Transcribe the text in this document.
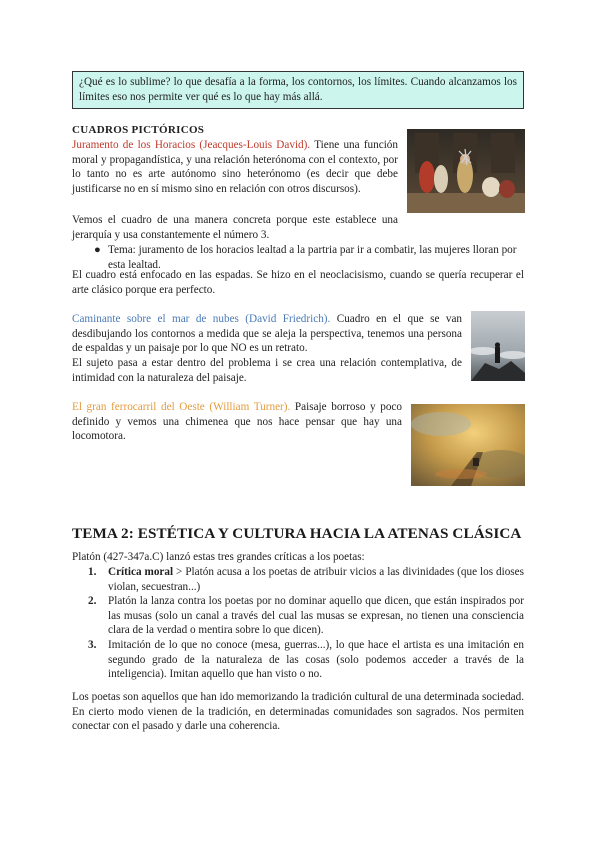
¿Qué es lo sublime? lo que desafía a la forma, los contornos, los límites. Cuando alcanzamos los límites eso nos permite ver qué es lo que hay más allá.
CUADROS PICTÓRICOS
Juramento de los Horacios (Jeacques-Louis David). Tiene una función moral y propagandística, y una relación heterónoma con el contexto, por lo tanto no es arte autónomo sino heterónomo (es decir que debe justificarse no en sí mismo sino en relación con otros discursos).
Vemos el cuadro de una manera concreta porque este establece una jerarquía y usa constantemente el número 3.
● Tema: juramento de los horacios lealtad a la partria par ir a combatir, las mujeres lloran por esta lealtad.
El cuadro está enfocado en las espadas. Se hizo en el neoclacisismo, cuando se quería recuperar el arte clásico porque era perfecto.
Caminante sobre el mar de nubes (David Friedrich). Cuadro en el que se van desdibujando los contornos a medida que se aleja la perspectiva, tenemos una persona de espaldas y un paisaje por lo que NO es un retrato.
El sujeto pasa a estar dentro del problema i se crea una relación contemplativa, de intimidad con la naturaleza del paisaje.
El gran ferrocarril del Oeste (William Turner). Paisaje borroso y poco definido y vemos una chimenea que nos hace pensar que hay una locomotora.
TEMA 2: ESTÉTICA Y CULTURA HACIA LA ATENAS CLÁSICA
Platón (427-347a.C) lanzó estas tres grandes críticas a los poetas:
1. Crítica moral > Platón acusa a los poetas de atribuir vicios a las divinidades (que los dioses violan, secuestran...)
2. Platón la lanza contra los poetas por no dominar aquello que dicen, que están inspirados por las musas (solo un canal a través del cual las musas se expresan, no tienen una consciencia clara de la verdad o mentira sobre lo que dicen).
3. Imitación de lo que no conoce (mesa, guerras...), lo que hace el artista es una imitación en segundo grado de la naturaleza de las cosas (solo podemos acceder a través de la inteligencia). Imitan aquello que han visto o no.
Los poetas son aquellos que han ido memorizando la tradición cultural de una determinada sociedad. En cierto modo vienen de la tradición, en determinadas comunidades son sagrados. Nos permiten conectar con el pasado y darle una coherencia.
